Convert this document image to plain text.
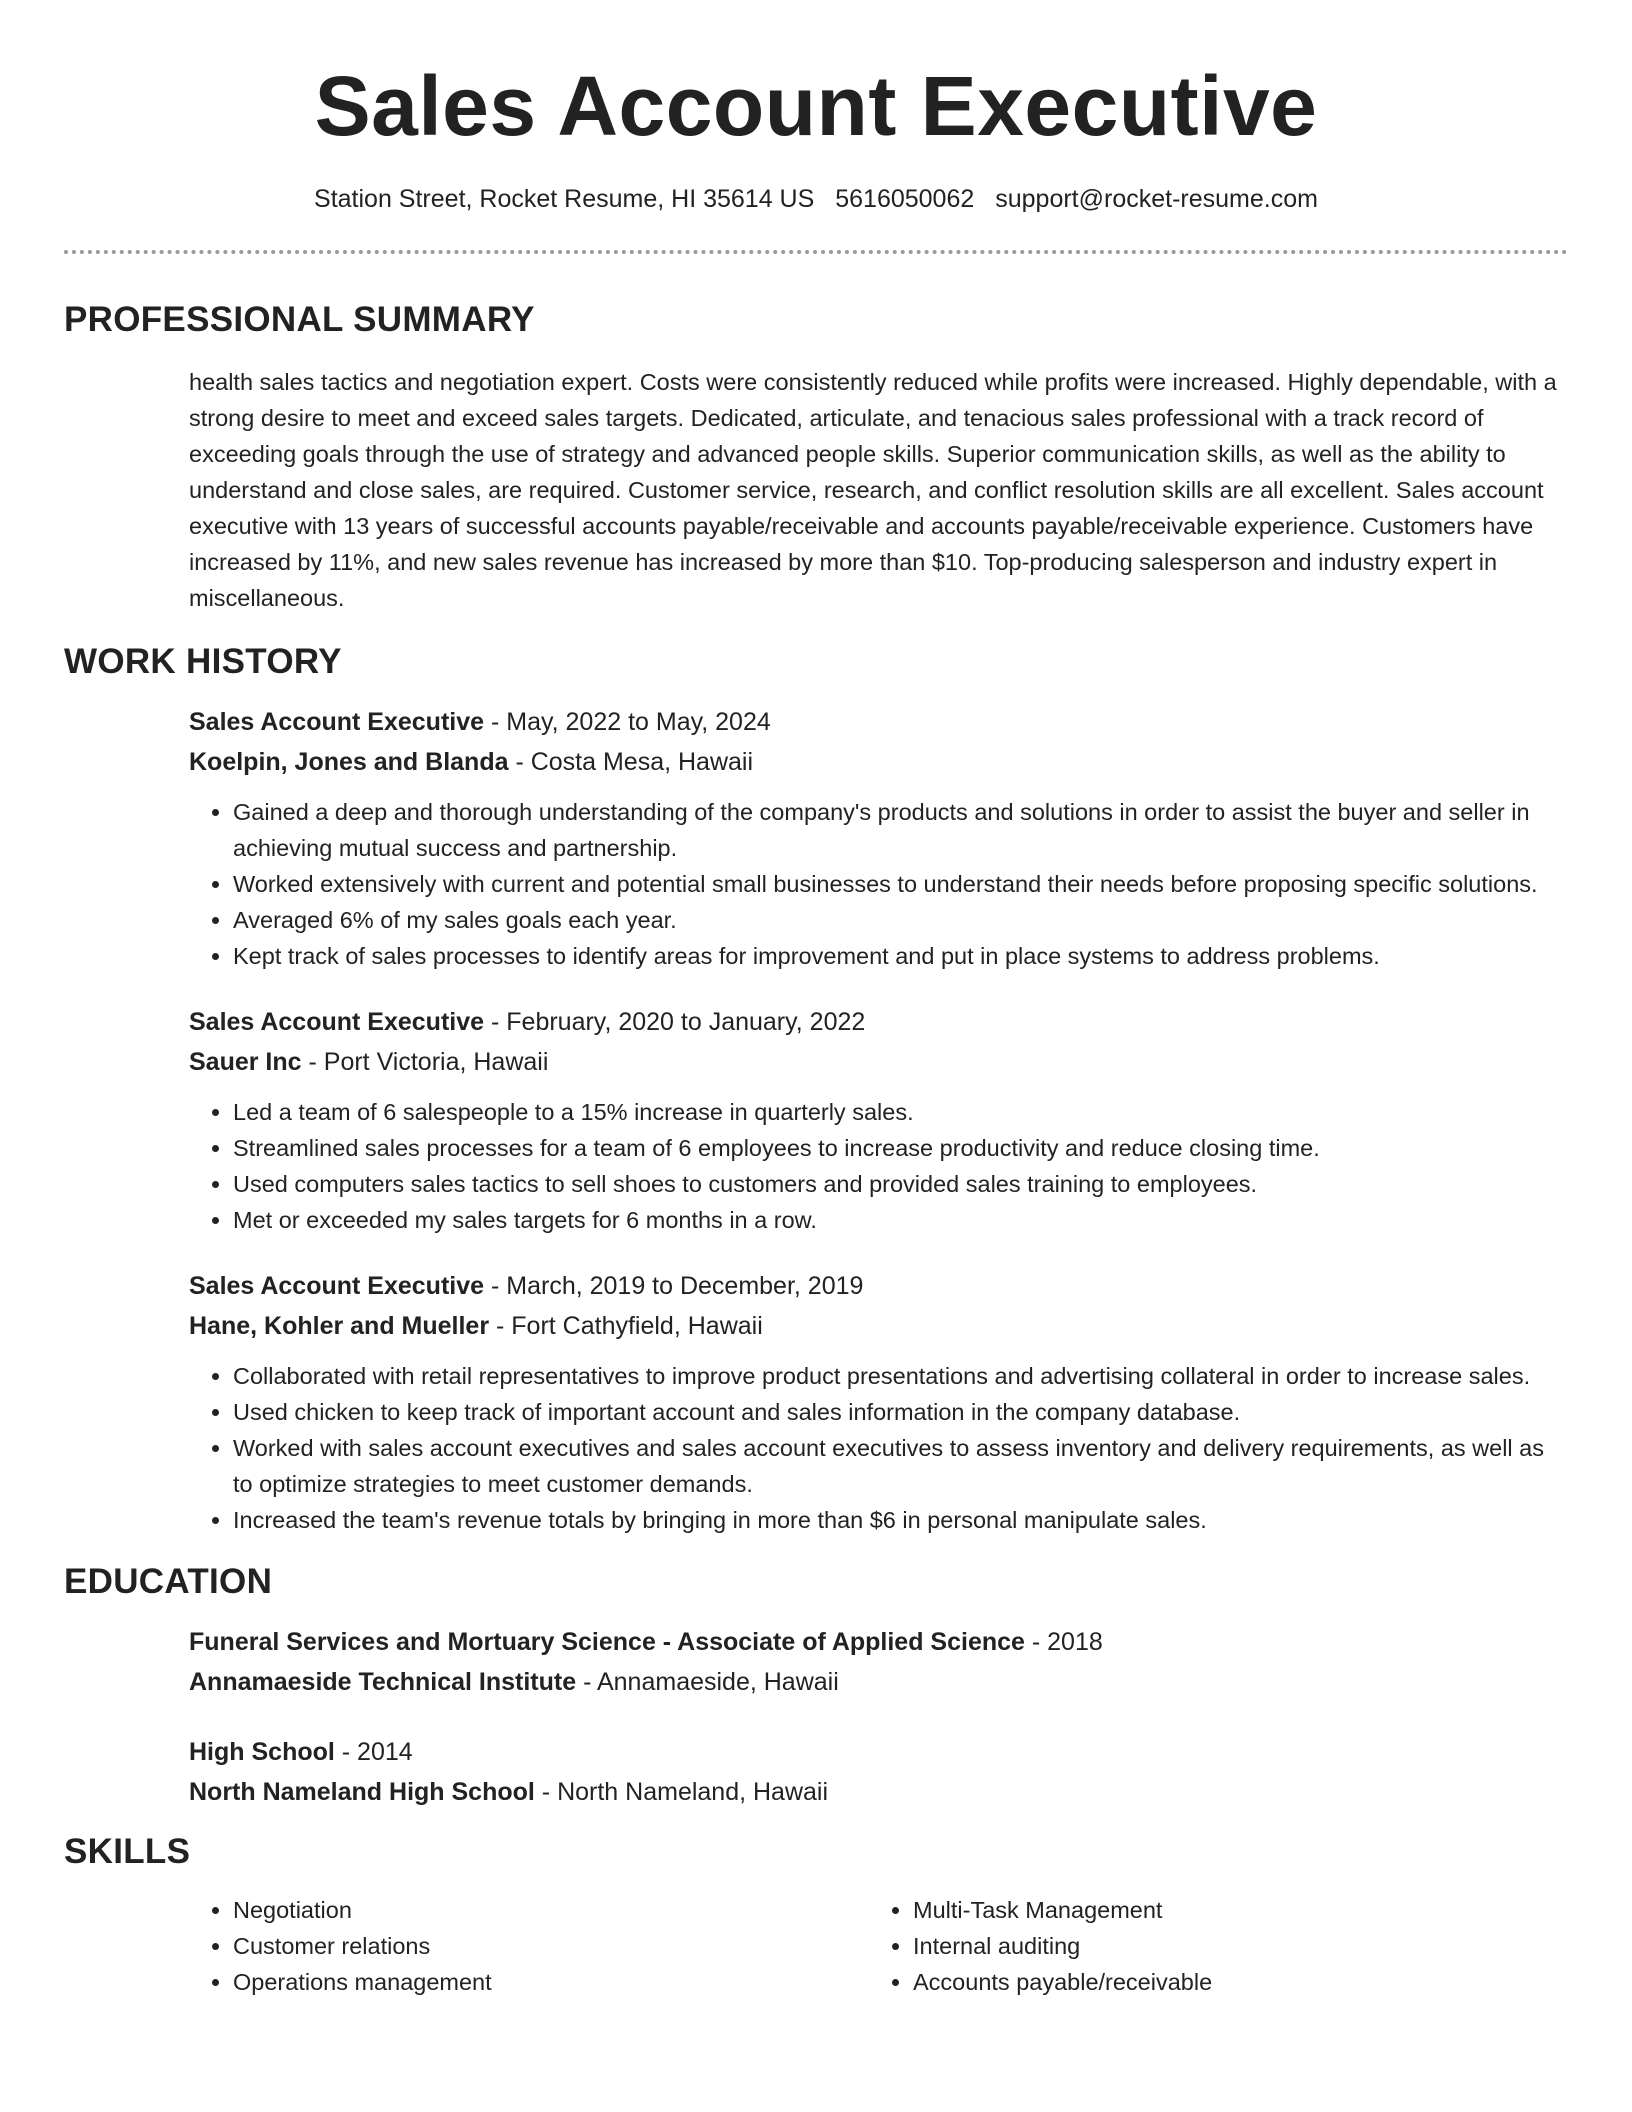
Sales Account Executive
Station Street, Rocket Resume, HI 35614 US 5616050062 support@rocket-resume.com
PROFESSIONAL SUMMARY

health sales tactics and negotiation expert. Costs were consistently reduced while profits were increased. Highly dependable, with a strong desire to meet and exceed sales targets. Dedicated, articulate, and tenacious sales professional with a track record of exceeding goals through the use of strategy and advanced people skills. Superior communication skills, as well as the ability to understand and close sales, are required. Customer service, research, and conflict resolution skills are all excellent. Sales account executive with 13 years of successful accounts payable/receivable and accounts payable/receivable experience. Customers have increased by 11%, and new sales revenue has increased by more than $10. Top-producing salesperson and industry expert in miscellaneous.

WORK HISTORY
Sales Account Executive - May, 2022 to May, 2024
Koelpin, Jones and Blanda - Costa Mesa, Hawaii
• Gained a deep and thorough understanding of the company's products and solutions in order to assist the buyer and seller in achieving mutual success and partnership.
• Worked extensively with current and potential small businesses to understand their needs before proposing specific solutions.
• Averaged 6% of my sales goals each year.
• Kept track of sales processes to identify areas for improvement and put in place systems to address problems.
Sales Account Executive - February, 2020 to January, 2022
Sauer Inc - Port Victoria, Hawaii
• Led a team of 6 salespeople to a 15% increase in quarterly sales.
• Streamlined sales processes for a team of 6 employees to increase productivity and reduce closing time.
• Used computers sales tactics to sell shoes to customers and provided sales training to employees.
• Met or exceeded my sales targets for 6 months in a row.
Sales Account Executive - March, 2019 to December, 2019
Hane, Kohler and Mueller - Fort Cathyfield, Hawaii
• Collaborated with retail representatives to improve product presentations and advertising collateral in order to increase sales.
• Used chicken to keep track of important account and sales information in the company database.
• Worked with sales account executives and sales account executives to assess inventory and delivery requirements, as well as to optimize strategies to meet customer demands.
• Increased the team's revenue totals by bringing in more than $6 in personal manipulate sales.
EDUCATION
Funeral Services and Mortuary Science - Associate of Applied Science - 2018
Annamaeside Technical Institute - Annamaeside, Hawaii
High School - 2014
North Nameland High School - North Nameland, Hawaii
SKILLS
• Negotiation
• Customer relations
• Operations management
• Multi-Task Management
• Internal auditing
• Accounts payable/receivable
